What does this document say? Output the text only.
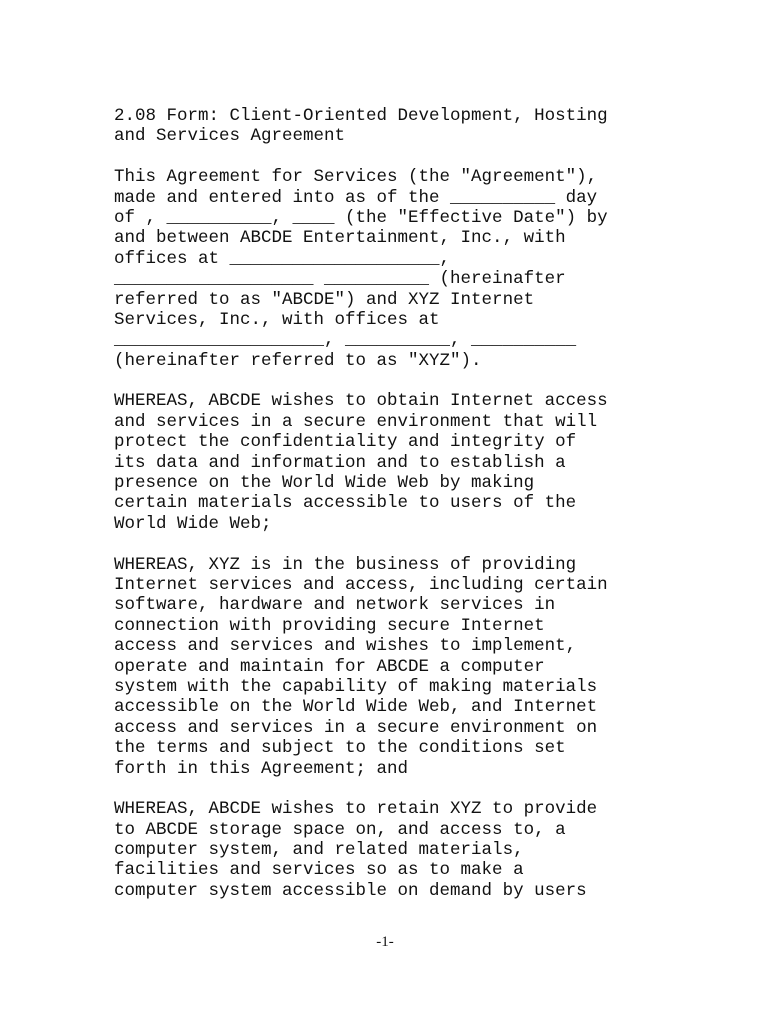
2.08 Form: Client-Oriented Development, Hosting
and Services Agreement
This Agreement for Services (the "Agreement"),
made and entered into as of the __________ day
of , __________, ____ (the "Effective Date") by
and between ABCDE Entertainment, Inc., with
offices at ____________________,
___________________ __________ (hereinafter
referred to as "ABCDE") and XYZ Internet
Services, Inc., with offices at
____________________, __________, __________
(hereinafter referred to as "XYZ").
WHEREAS, ABCDE wishes to obtain Internet access
and services in a secure environment that will
protect the confidentiality and integrity of
its data and information and to establish a
presence on the World Wide Web by making
certain materials accessible to users of the
World Wide Web;
WHEREAS, XYZ is in the business of providing
Internet services and access, including certain
software, hardware and network services in
connection with providing secure Internet
access and services and wishes to implement,
operate and maintain for ABCDE a computer
system with the capability of making materials
accessible on the World Wide Web, and Internet
access and services in a secure environment on
the terms and subject to the conditions set
forth in this Agreement; and
WHEREAS, ABCDE wishes to retain XYZ to provide
to ABCDE storage space on, and access to, a
computer system, and related materials,
facilities and services so as to make a
computer system accessible on demand by users
-1-
